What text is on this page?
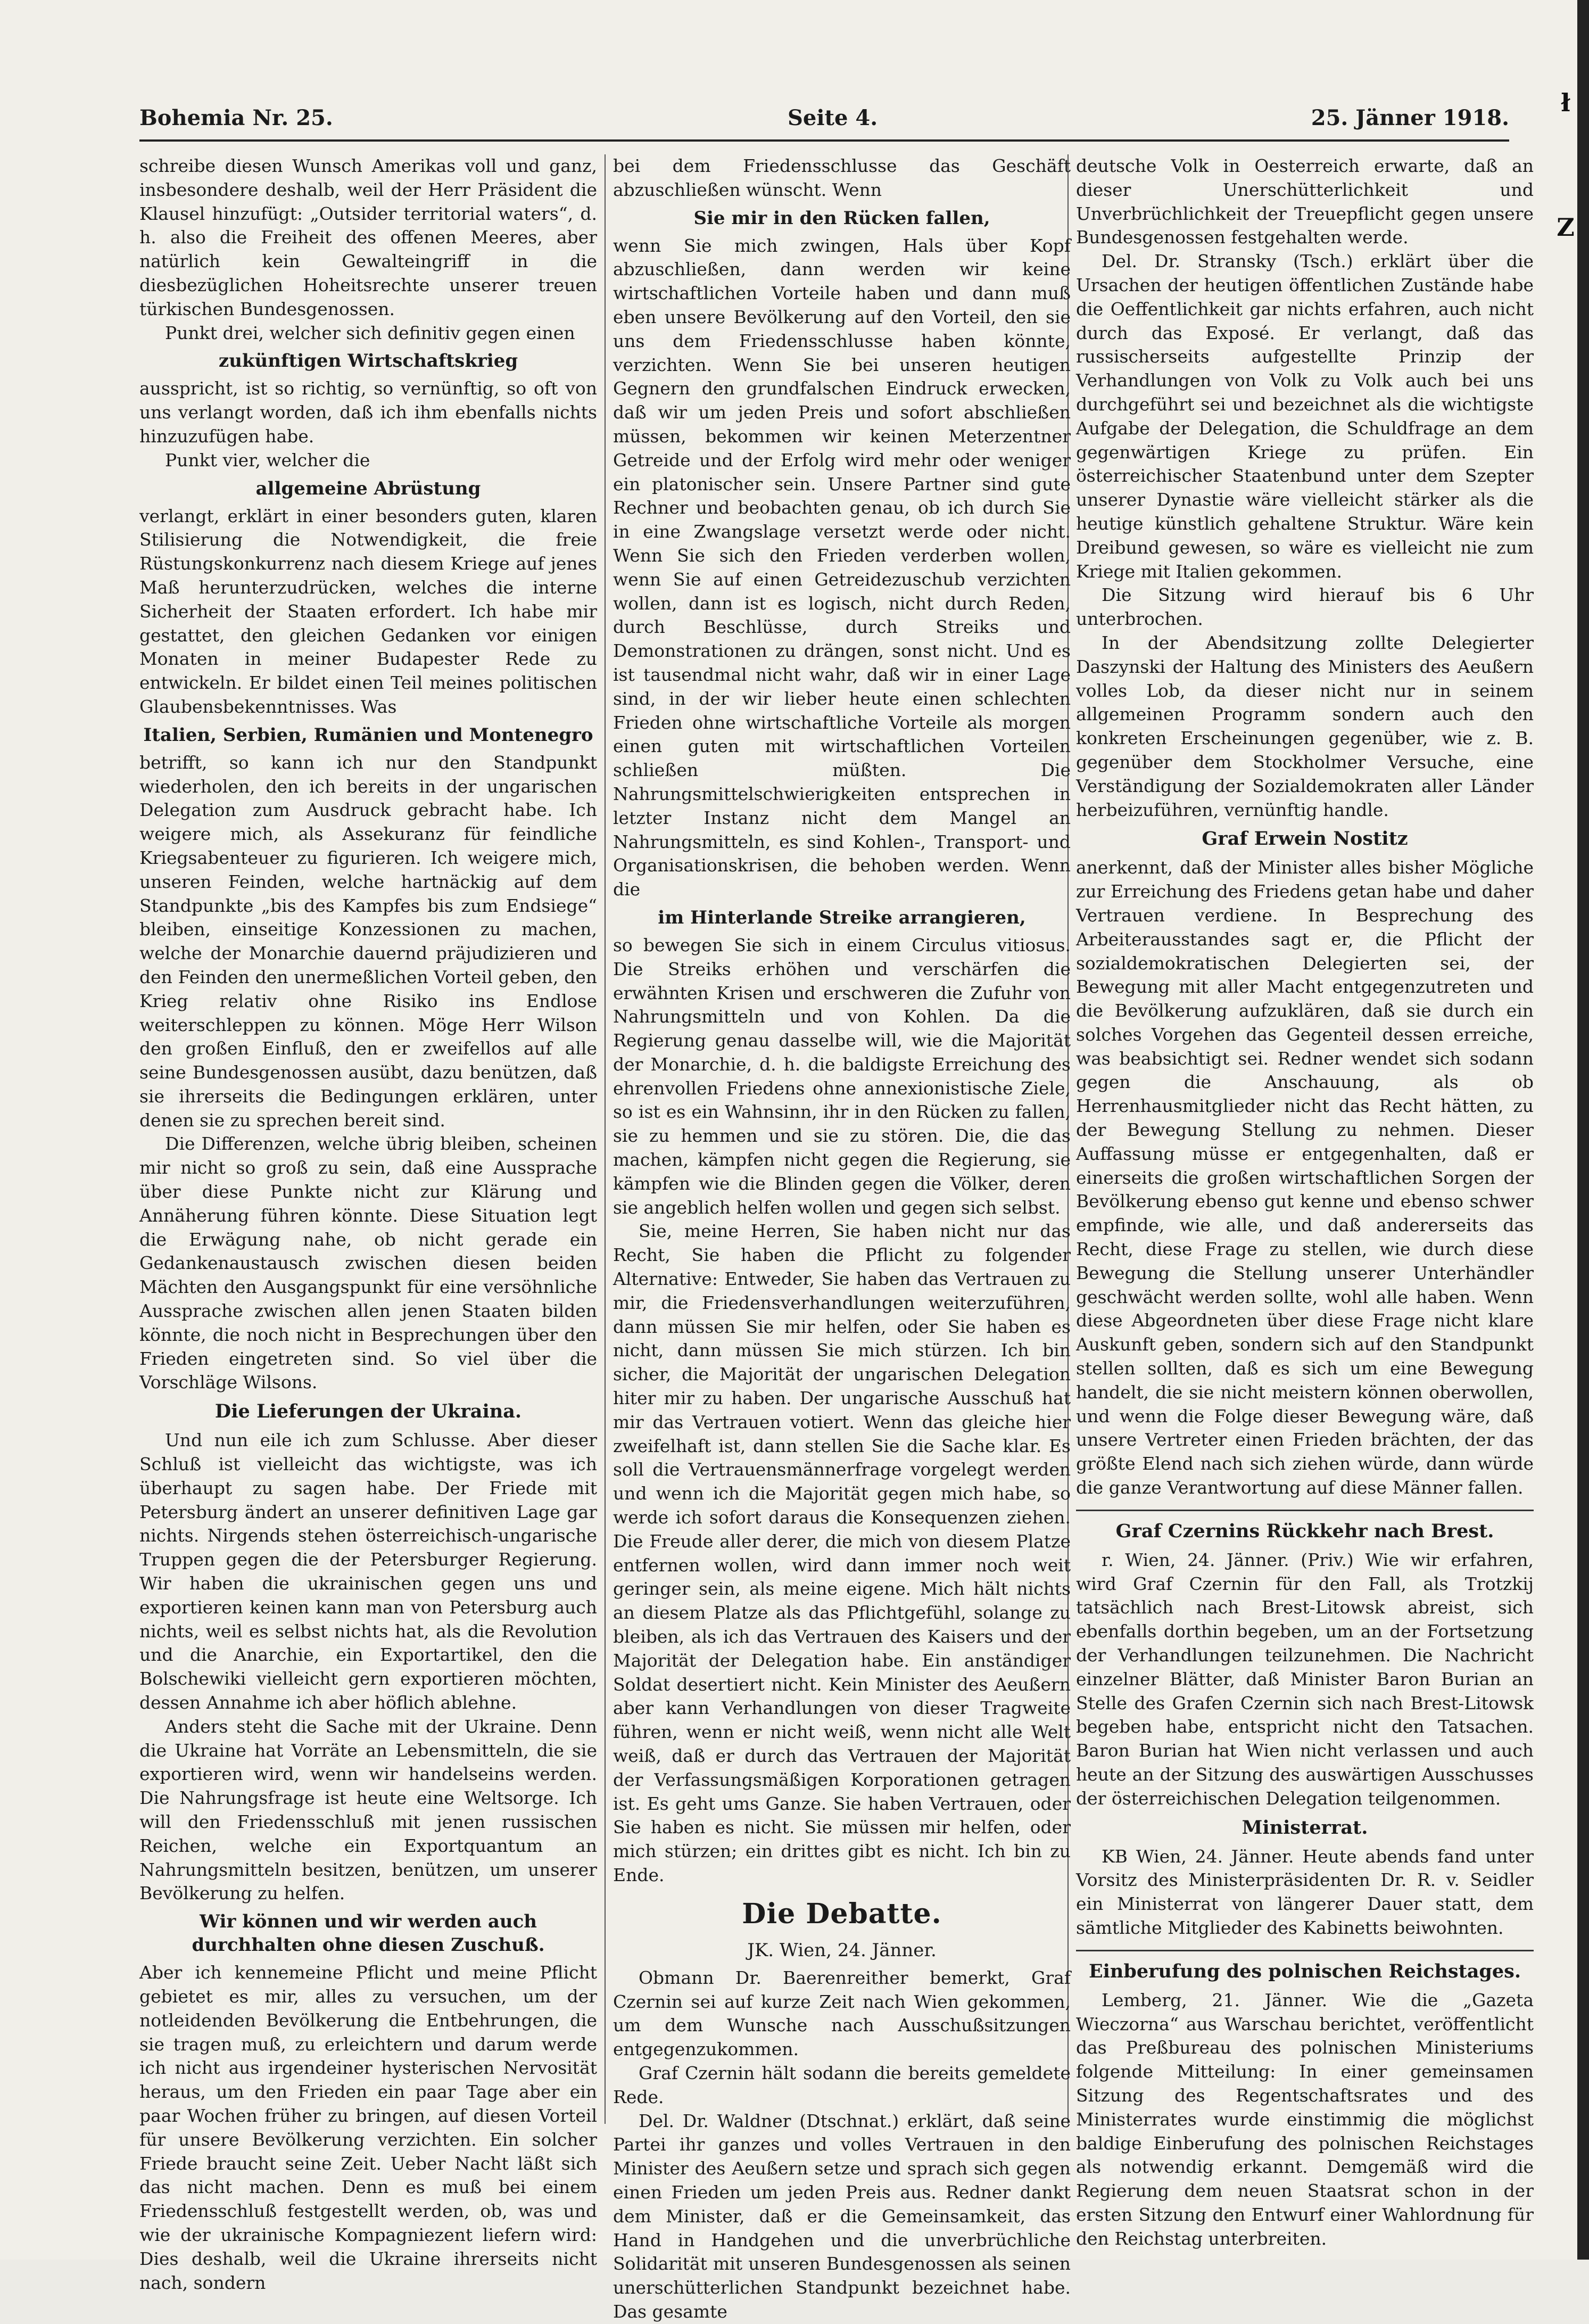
ł
Z
Bohemia Nr. 25.	Seite 4.	25. Jänner 1918.

schreibe diesen Wunsch Amerikas voll und ganz, insbesondere deshalb, weil der Herr Präsident die Klausel hinzufügt: „Outsider territorial waters“, d. h. also die Freiheit des offenen Meeres, aber natürlich kein Gewalteingriff in die diesbezüglichen Hoheitsrechte unserer treuen türkischen Bundesgenossen.

Punkt drei, welcher sich definitiv gegen einen

zukünftigen Wirtschaftskrieg

ausspricht, ist so richtig, so vernünftig, so oft von uns verlangt worden, daß ich ihm ebenfalls nichts hinzuzufügen habe.

Punkt vier, welcher die

allgemeine Abrüstung

verlangt, erklärt in einer besonders guten, klaren Stilisierung die Notwendigkeit, die freie Rüstungskonkurrenz nach diesem Kriege auf jenes Maß herunterzudrücken, welches die interne Sicherheit der Staaten erfordert. Ich habe mir gestattet, den gleichen Gedanken vor einigen Monaten in meiner Budapester Rede zu entwickeln. Er bildet einen Teil meines politischen Glaubensbekenntnisses. Was

Italien, Serbien, Rumänien und Montenegro

betrifft, so kann ich nur den Standpunkt wiederholen, den ich bereits in der ungarischen Delegation zum Ausdruck gebracht habe. Ich weigere mich, als Assekuranz für feindliche Kriegsabenteuer zu figurieren. Ich weigere mich, unseren Feinden, welche hartnäckig auf dem Standpunkte „bis des Kampfes bis zum Endsiege“ bleiben, einseitige Konzessionen zu machen, welche der Monarchie dauernd präjudizieren und den Feinden den unermeßlichen Vorteil geben, den Krieg relativ ohne Risiko ins Endlose weiterschleppen zu können. Möge Herr Wilson den großen Einfluß, den er zweifellos auf alle seine Bundesgenossen ausübt, dazu benützen, daß sie ihrerseits die Bedingungen erklären, unter denen sie zu sprechen bereit sind.

Die Differenzen, welche übrig bleiben, scheinen mir nicht so groß zu sein, daß eine Aussprache über diese Punkte nicht zur Klärung und Annäherung führen könnte. Diese Situation legt die Erwägung nahe, ob nicht gerade ein Gedankenaustausch zwischen diesen beiden Mächten den Ausgangspunkt für eine versöhnliche Aussprache zwischen allen jenen Staaten bilden könnte, die noch nicht in Besprechungen über den Frieden eingetreten sind. So viel über die Vorschläge Wilsons.

Die Lieferungen der Ukraina.

Und nun eile ich zum Schlusse. Aber dieser Schluß ist vielleicht das wichtigste, was ich überhaupt zu sagen habe. Der Friede mit Petersburg ändert an unserer definitiven Lage gar nichts. Nirgends stehen österreichisch-ungarische Truppen gegen die der Petersburger Regierung. Wir haben die ukrainischen gegen uns und exportieren keinen kann man von Petersburg auch nichts, weil es selbst nichts hat, als die Revolution und die Anarchie, ein Exportartikel, den die Bolschewiki vielleicht gern exportieren möchten, dessen Annahme ich aber höflich ablehne.

Anders steht die Sache mit der Ukraine. Denn die Ukraine hat Vorräte an Lebensmitteln, die sie exportieren wird, wenn wir handelseins werden. Die Nahrungsfrage ist heute eine Weltsorge. Ich will den Friedensschluß mit jenen russischen Reichen, welche ein Exportquantum an Nahrungsmitteln besitzen, benützen, um unserer Bevölkerung zu helfen.

Wir können und wir werden auch durchhalten ohne diesen Zuschuß.

Aber ich kennemeine Pflicht und meine Pflicht gebietet es mir, alles zu versuchen, um der notleidenden Bevölkerung die Entbehrungen, die sie tragen muß, zu erleichtern und darum werde ich nicht aus irgendeiner hysterischen Nervosität heraus, um den Frieden ein paar Tage aber ein paar Wochen früher zu bringen, auf diesen Vorteil für unsere Bevölkerung verzichten. Ein solcher Friede braucht seine Zeit. Ueber Nacht läßt sich das nicht machen. Denn es muß bei einem Friedensschluß festgestellt werden, ob, was und wie der ukrainische Kompagniezent liefern wird: Dies deshalb, weil die Ukraine ihrerseits nicht nach, sondern

bei dem Friedensschlusse das Geschäft abzuschließen wünscht. Wenn

Sie mir in den Rücken fallen,

wenn Sie mich zwingen, Hals über Kopf abzuschließen, dann werden wir keine wirtschaftlichen Vorteile haben und dann muß eben unsere Bevölkerung auf den Vorteil, den sie uns dem Friedensschlusse haben könnte, verzichten. Wenn Sie bei unseren heutigen Gegnern den grundfalschen Eindruck erwecken, daß wir um jeden Preis und sofort abschließen müssen, bekommen wir keinen Meterzentner Getreide und der Erfolg wird mehr oder weniger ein platonischer sein. Unsere Partner sind gute Rechner und beobachten genau, ob ich durch Sie in eine Zwangslage versetzt werde oder nicht. Wenn Sie sich den Frieden verderben wollen, wenn Sie auf einen Getreidezuschub verzichten wollen, dann ist es logisch, nicht durch Reden, durch Beschlüsse, durch Streiks und Demonstrationen zu drängen, sonst nicht. Und es ist tausendmal nicht wahr, daß wir in einer Lage sind, in der wir lieber heute einen schlechten Frieden ohne wirtschaftliche Vorteile als morgen einen guten mit wirtschaftlichen Vorteilen schließen müßten. Die Nahrungsmittelschwierigkeiten entsprechen in letzter Instanz nicht dem Mangel an Nahrungsmitteln, es sind Kohlen-, Transport- und Organisationskrisen, die behoben werden. Wenn die

im Hinterlande Streike arrangieren,

so bewegen Sie sich in einem Circulus vitiosus. Die Streiks erhöhen und verschärfen die erwähnten Krisen und erschweren die Zufuhr von Nahrungsmitteln und von Kohlen. Da die Regierung genau dasselbe will, wie die Majorität der Monarchie, d. h. die baldigste Erreichung des ehrenvollen Friedens ohne annexionistische Ziele, so ist es ein Wahnsinn, ihr in den Rücken zu fallen, sie zu hemmen und sie zu stören. Die, die das machen, kämpfen nicht gegen die Regierung, sie kämpfen wie die Blinden gegen die Völker, deren sie angeblich helfen wollen und gegen sich selbst.

Sie, meine Herren, Sie haben nicht nur das Recht, Sie haben die Pflicht zu folgender Alternative: Entweder, Sie haben das Vertrauen zu mir, die Friedensverhandlungen weiterzuführen, dann müssen Sie mir helfen, oder Sie haben es nicht, dann müssen Sie mich stürzen. Ich bin sicher, die Majorität der ungarischen Delegation hiter mir zu haben. Der ungarische Ausschuß hat mir das Vertrauen votiert. Wenn das gleiche hier zweifelhaft ist, dann stellen Sie die Sache klar. Es soll die Vertrauensmännerfrage vorgelegt werden und wenn ich die Majorität gegen mich habe, so werde ich sofort daraus die Konsequenzen ziehen. Die Freude aller derer, die mich von diesem Platze entfernen wollen, wird dann immer noch weit geringer sein, als meine eigene. Mich hält nichts an diesem Platze als das Pflichtgefühl, solange zu bleiben, als ich das Vertrauen des Kaisers und der Majorität der Delegation habe. Ein anständiger Soldat desertiert nicht. Kein Minister des Aeußern aber kann Verhandlungen von dieser Tragweite führen, wenn er nicht weiß, wenn nicht alle Welt weiß, daß er durch das Vertrauen der Majorität der Verfassungsmäßigen Korporationen getragen ist. Es geht ums Ganze. Sie haben Vertrauen, oder Sie haben es nicht. Sie müssen mir helfen, oder mich stürzen; ein drittes gibt es nicht. Ich bin zu Ende.

Die Debatte.
JK. Wien, 24. Jänner.

Obmann Dr. Baerenreither bemerkt, Graf Czernin sei auf kurze Zeit nach Wien gekommen, um dem Wunsche nach Ausschußsitzungen entgegenzukommen.

Graf Czernin hält sodann die bereits gemeldete Rede.

Del. Dr. Waldner (Dtschnat.) erklärt, daß seine Partei ihr ganzes und volles Vertrauen in den Minister des Aeußern setze und sprach sich gegen einen Frieden um jeden Preis aus. Redner dankt dem Minister, daß er die Gemeinsamkeit, das Hand in Handgehen und die unverbrüchliche Solidarität mit unseren Bundesgenossen als seinen unerschütterlichen Standpunkt bezeichnet habe. Das gesamte

deutsche Volk in Oesterreich erwarte, daß an dieser Unerschütterlichkeit und Unverbrüchlichkeit der Treuepflicht gegen unsere Bundesgenossen festgehalten werde.

Del. Dr. Stransky (Tsch.) erklärt über die Ursachen der heutigen öffentlichen Zustände habe die Oeffentlichkeit gar nichts erfahren, auch nicht durch das Exposé. Er verlangt, daß das russischerseits aufgestellte Prinzip der Verhandlungen von Volk zu Volk auch bei uns durchgeführt sei und bezeichnet als die wichtigste Aufgabe der Delegation, die Schuldfrage an dem gegenwärtigen Kriege zu prüfen. Ein österreichischer Staatenbund unter dem Szepter unserer Dynastie wäre vielleicht stärker als die heutige künstlich gehaltene Struktur. Wäre kein Dreibund gewesen, so wäre es vielleicht nie zum Kriege mit Italien gekommen.

Die Sitzung wird hierauf bis 6 Uhr unterbrochen.

In der Abendsitzung zollte Delegierter Daszynski der Haltung des Ministers des Aeußern volles Lob, da dieser nicht nur in seinem allgemeinen Programm sondern auch den konkreten Erscheinungen gegenüber, wie z. B. gegenüber dem Stockholmer Versuche, eine Verständigung der Sozialdemokraten aller Länder herbeizuführen, vernünftig handle.

Graf Erwein Nostitz

anerkennt, daß der Minister alles bisher Mögliche zur Erreichung des Friedens getan habe und daher Vertrauen verdiene. In Besprechung des Arbeiterausstandes sagt er, die Pflicht der sozialdemokratischen Delegierten sei, der Bewegung mit aller Macht entgegenzutreten und die Bevölkerung aufzuklären, daß sie durch ein solches Vorgehen das Gegenteil dessen erreiche, was beabsichtigt sei. Redner wendet sich sodann gegen die Anschauung, als ob Herrenhausmitglieder nicht das Recht hätten, zu der Bewegung Stellung zu nehmen. Dieser Auffassung müsse er entgegenhalten, daß er einerseits die großen wirtschaftlichen Sorgen der Bevölkerung ebenso gut kenne und ebenso schwer empfinde, wie alle, und daß andererseits das Recht, diese Frage zu stellen, wie durch diese Bewegung die Stellung unserer Unterhändler geschwächt werden sollte, wohl alle haben. Wenn diese Abgeordneten über diese Frage nicht klare Auskunft geben, sondern sich auf den Standpunkt stellen sollten, daß es sich um eine Bewegung handelt, die sie nicht meistern können oberwollen, und wenn die Folge dieser Bewegung wäre, daß unsere Vertreter einen Frieden brächten, der das größte Elend nach sich ziehen würde, dann würde die ganze Verantwortung auf diese Männer fallen.

Graf Czernins Rückkehr nach Brest.

r. Wien, 24. Jänner. (Priv.) Wie wir erfahren, wird Graf Czernin für den Fall, als Trotzkij tatsächlich nach Brest-Litowsk abreist, sich ebenfalls dorthin begeben, um an der Fortsetzung der Verhandlungen teilzunehmen. Die Nachricht einzelner Blätter, daß Minister Baron Burian an Stelle des Grafen Czernin sich nach Brest-Litowsk begeben habe, entspricht nicht den Tatsachen. Baron Burian hat Wien nicht verlassen und auch heute an der Sitzung des auswärtigen Ausschusses der österreichischen Delegation teilgenommen.

Ministerrat.

KB Wien, 24. Jänner. Heute abends fand unter Vorsitz des Ministerpräsidenten Dr. R. v. Seidler ein Ministerrat von längerer Dauer statt, dem sämtliche Mitglieder des Kabinetts beiwohnten.

Einberufung des polnischen Reichstages.

Lemberg, 21. Jänner. Wie die „Gazeta Wieczorna“ aus Warschau berichtet, veröffentlicht das Preßbureau des polnischen Ministeriums folgende Mitteilung: In einer gemeinsamen Sitzung des Regentschaftsrates und des Ministerrates wurde einstimmig die möglichst baldige Einberufung des polnischen Reichstages als notwendig erkannt. Demgemäß wird die Regierung dem neuen Staatsrat schon in der ersten Sitzung den Entwurf einer Wahlordnung für den Reichstag unterbreiten.
